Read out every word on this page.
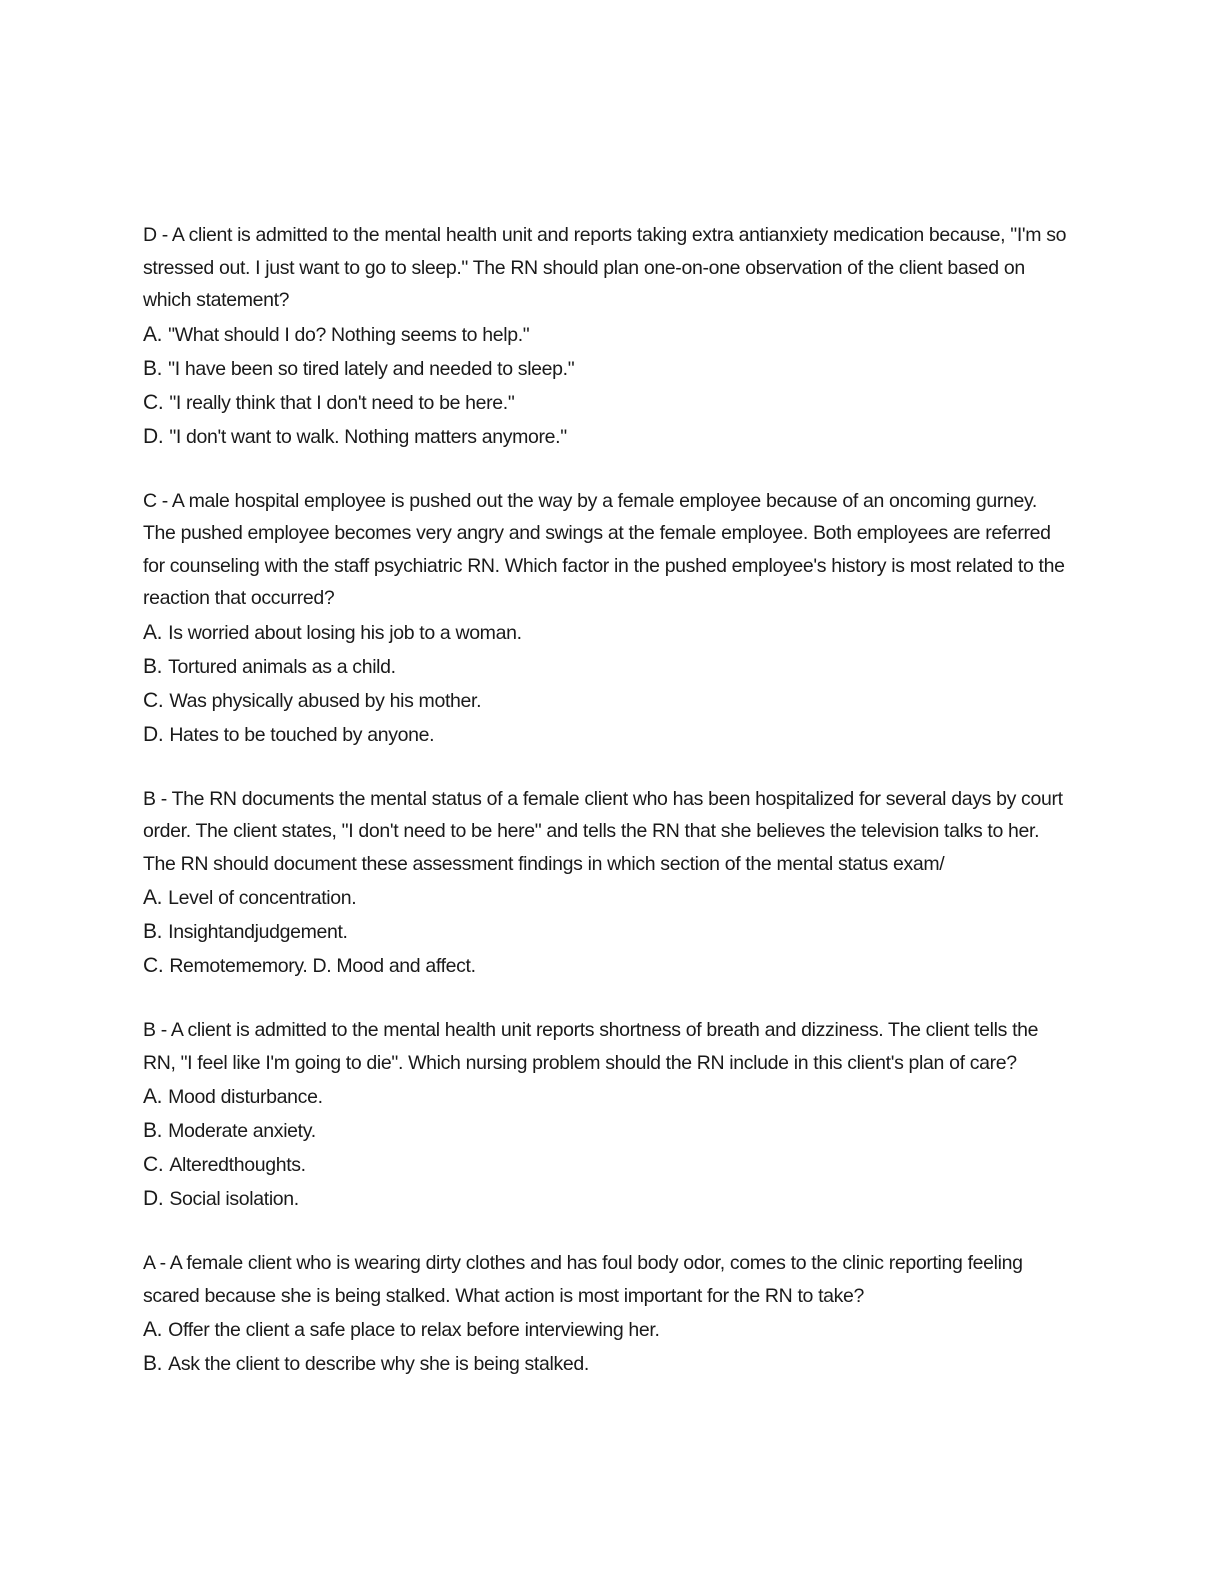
D - A client is admitted to the mental health unit and reports taking extra antianxiety medication because, "I'm so stressed out. I just want to go to sleep." The RN should plan one-on-one observation of the client based on which statement?

A. "What should I do? Nothing seems to help."
B. "I have been so tired lately and needed to sleep."
C. "I really think that I don't need to be here."
D. "I don't want to walk. Nothing matters anymore."

C - A male hospital employee is pushed out the way by a female employee because of an oncoming gurney. The pushed employee becomes very angry and swings at the female employee. Both employees are referred for counseling with the staff psychiatric RN. Which factor in the pushed employee's history is most related to the reaction that occurred?

A. Is worried about losing his job to a woman.
B. Tortured animals as a child.
C. Was physically abused by his mother.
D. Hates to be touched by anyone.

B - The RN documents the mental status of a female client who has been hospitalized for several days by court order. The client states, "I don't need to be here" and tells the RN that she believes the television talks to her. The RN should document these assessment findings in which section of the mental status exam/

A. Level of concentration.
B. Insightandjudgement.
C. Remotememory. D. Mood and affect.

B - A client is admitted to the mental health unit reports shortness of breath and dizziness. The client tells the RN, "I feel like I'm going to die". Which nursing problem should the RN include in this client's plan of care?

A. Mood disturbance.
B. Moderate anxiety.
C. Alteredthoughts.
D. Social isolation.

A - A female client who is wearing dirty clothes and has foul body odor, comes to the clinic reporting feeling scared because she is being stalked. What action is most important for the RN to take?

A. Offer the client a safe place to relax before interviewing her.
B. Ask the client to describe why she is being stalked.
